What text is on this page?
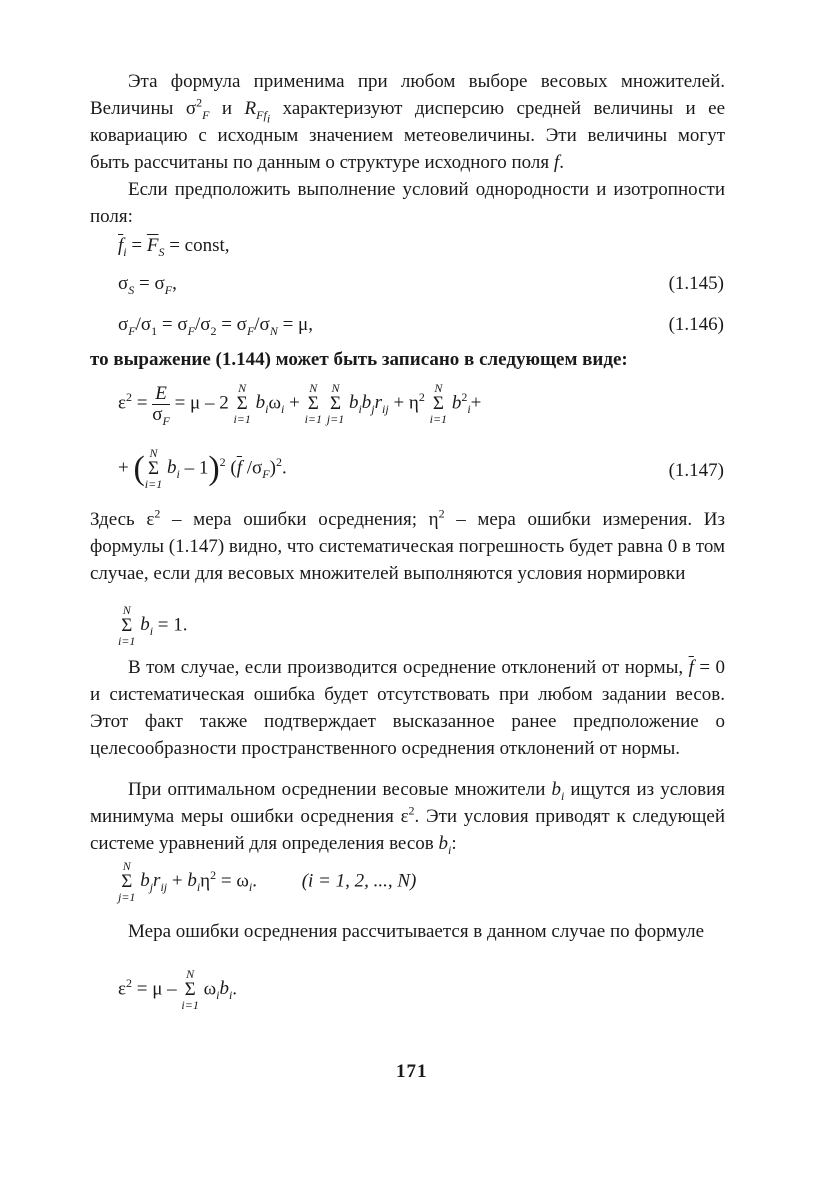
Эта формула применима при любом выборе весовых множителей. Величины $\sigma^2_F$ и $R_{Ff_i}$ характеризуют дисперсию средней величины и ее ковариацию с исходным значением метеовеличины. Эти величины могут быть рассчитаны по данным о структуре исходного поля f.

Если предположить выполнение условий однородности и изотропности поля:

$\overline{f}_i = \overline{F}_S$ = const,
$\sigma_S = \sigma_F$,	(1.145)
$\sigma_F/\sigma_1 = \sigma_F/\sigma_2 = \sigma_F/\sigma_N = \mu$,	(1.146)

то выражение (1.144) может быть записано в следующем виде:

$\varepsilon^2 = \frac{E}{\sigma_F} = \mu - 2$
N
Σ
i=1
$b_i\omega_i$ +
N
Σ
i=1

N
Σ
j=1
$b_ib_jr_{ij} + \eta^2$
N
Σ
i=1
$b^2_i+$
+ ( N
Σ
i=1
$b_i - 1)^2$ ($\overline{f}$ $/\sigma_F)^2$.	(1.147)

Здесь $\varepsilon^2$ – мера ошибки осреднения; $\eta^2$ – мера ошибки измерения. Из формулы (1.147) видно, что систематическая погрешность будет равна 0 в том случае, если для весовых множителей выполняются условия нормировки

N
Σ
i=1
$b_i = 1$.

В том случае, если производится осреднение отклонений от нормы, $\overline{f} = 0$ и систематическая ошибка будет отсутствовать при любом задании весов. Этот факт также подтверждает высказанное ранее предположение о целесообразности пространственного осреднения отклонений от нормы.

При оптимальном осреднении весовые множители $b_i$ ищутся из условия минимума меры ошибки осреднения $\varepsilon^2$. Эти условия приводят к следующей системе уравнений для определения весов $b_i$:

N
Σ
j=1
$b_jr_{ij} + b_i\eta^2 = \omega_i$. (i = 1, 2, ..., N)

Мера ошибки осреднения рассчитывается в данном случае по формуле

$\varepsilon^2 = \mu$ –
N
Σ
i=1
$\omega_ib_i$.
171
